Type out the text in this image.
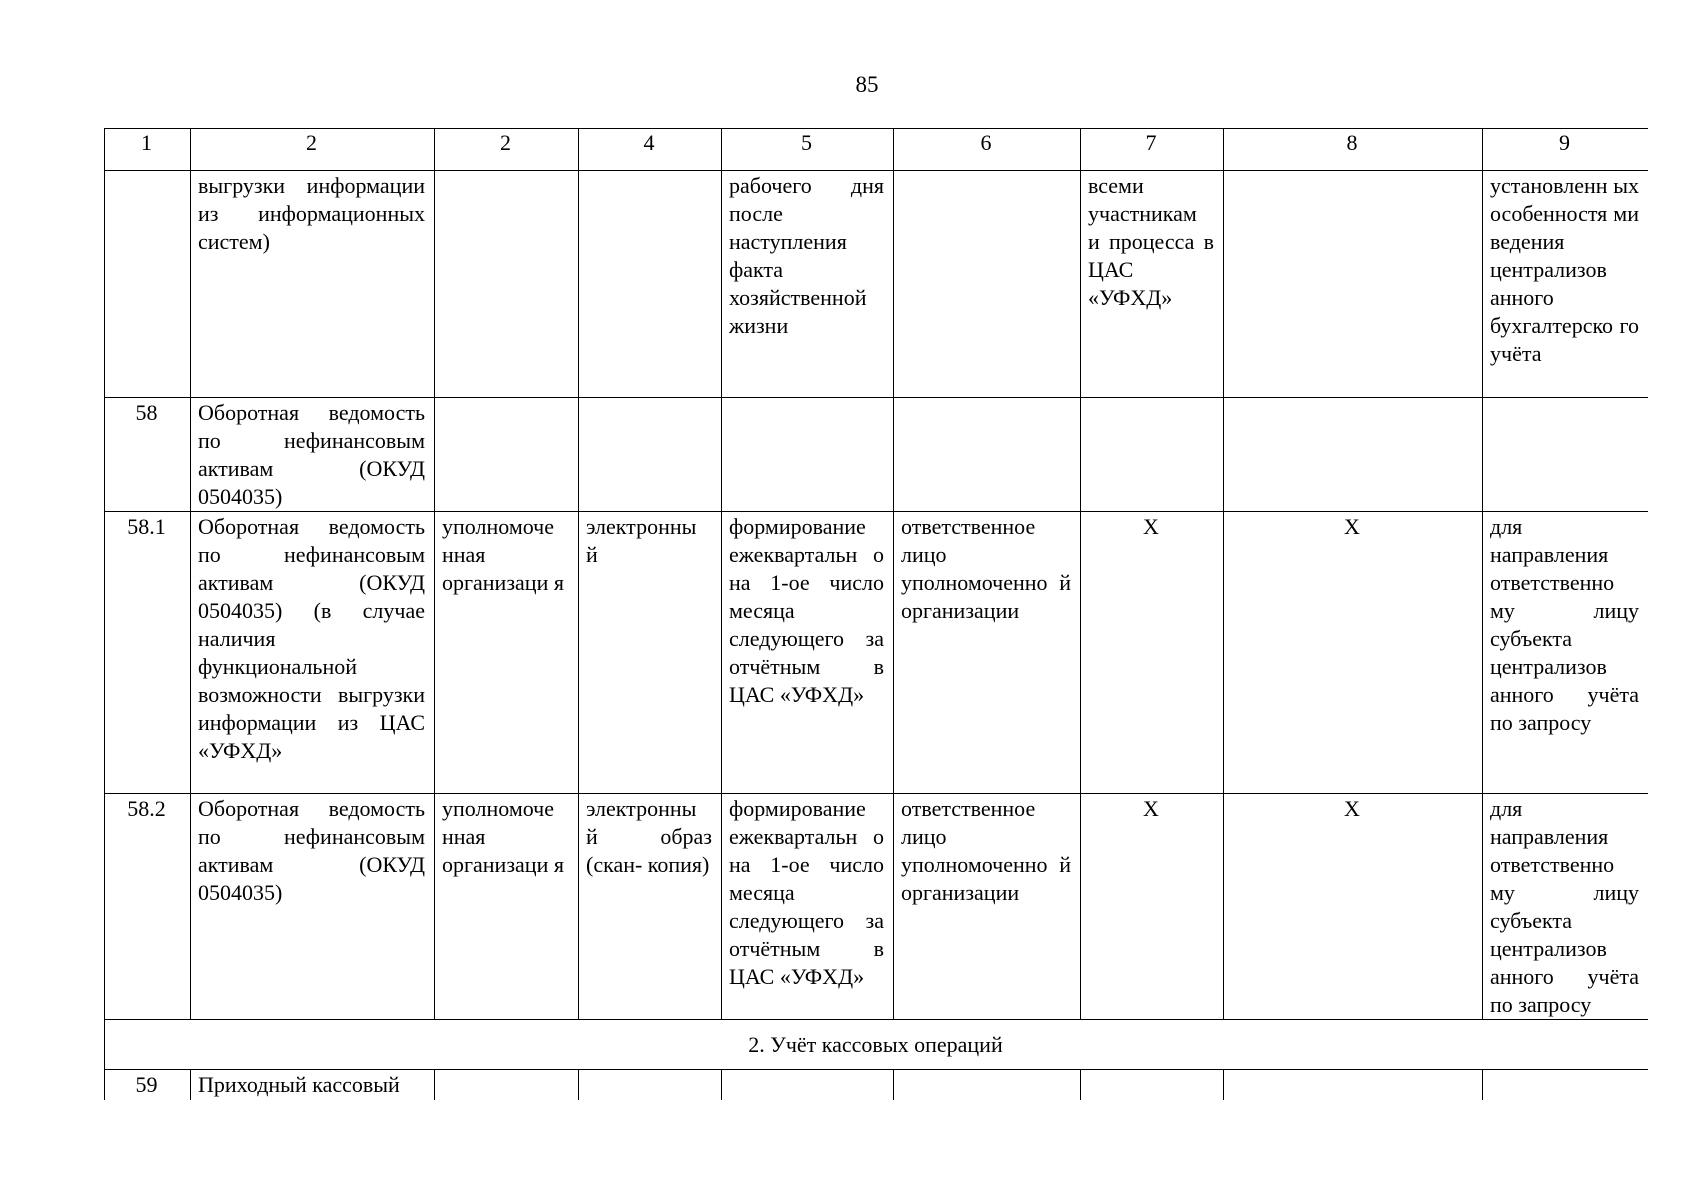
85
1	2	2	4	5	6	7	8	9
	выгрузки информации из информационных систем)			рабочего дня после наступления факта хозяйственной жизни		всеми участникам и процесса в ЦАС «УФХД»		установленн ых особенностя ми ведения централизов анного бухгалтерско го учёта
58	Оборотная ведомость по нефинансовым активам (ОКУД 0504035)							
58.1	Оборотная ведомость по нефинансовым активам (ОКУД 0504035) (в случае наличия функциональной возможности выгрузки информации из ЦАС «УФХД»	уполномоче нная организаци я	электронны й	формирование ежеквартальн о на 1-ое число месяца следующего за отчётным в ЦАС «УФХД»	ответственное лицо уполномоченно й организации	X	X	для направления ответственно му лицу субъекта централизов анного учёта по запросу
58.2	Оборотная ведомость по нефинансовым активам (ОКУД 0504035)	уполномоче нная организаци я	электронны й образ (скан- копия)	формирование ежеквартальн о на 1-ое число месяца следующего за отчётным в ЦАС «УФХД»	ответственное лицо уполномоченно й организации	X	X	для направления ответственно му лицу субъекта централизов анного учёта по запросу
2. Учёт кассовых операций								
59	Приходный кассовый							
